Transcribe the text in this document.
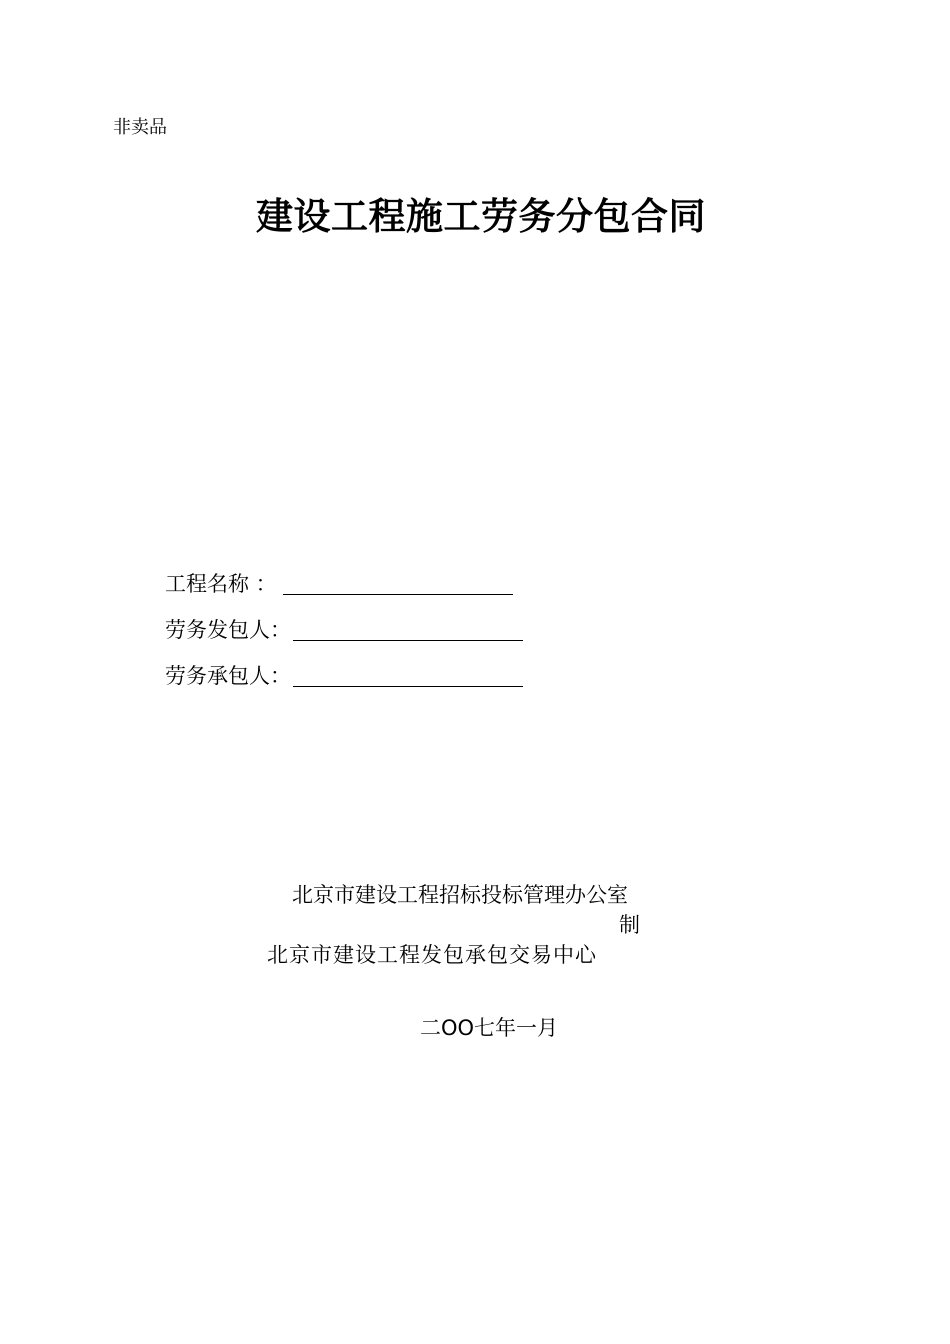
非卖品
建设工程施工劳务分包合同
工程名称 ：
劳务发包人：
劳务承包人：
北京市建设工程招标投标管理办公室
制
北京市建设工程发包承包交易中心
二OO七年一月
